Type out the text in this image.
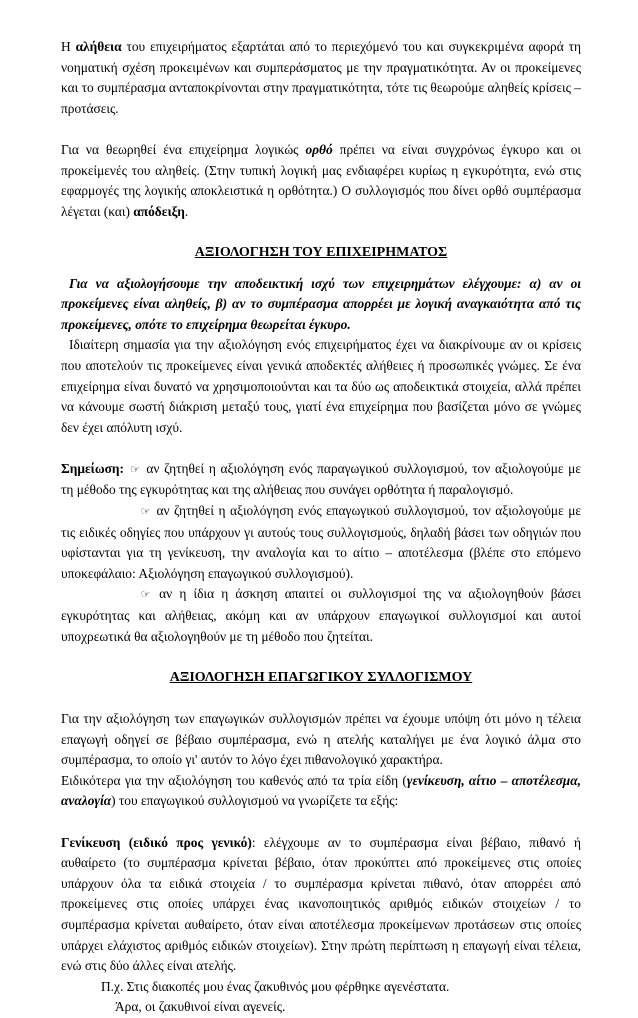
Η αλήθεια του επιχειρήματος εξαρτάται από το περιεχόμενό του και συγκεκριμένα αφορά τη νοηματική σχέση προκειμένων και συμπεράσματος με την πραγματικότητα. Αν οι προκείμενες και το συμπέρασμα ανταποκρίνονται στην πραγματικότητα, τότε τις θεωρούμε αληθείς κρίσεις – προτάσεις.

Για να θεωρηθεί ένα επιχείρημα λογικώς ορθό πρέπει να είναι συγχρόνως έγκυρο και οι προκείμενές του αληθείς. (Στην τυπική λογική μας ενδιαφέρει κυρίως η εγκυρότητα, ενώ στις εφαρμογές της λογικής αποκλειστικά η ορθότητα.) Ο συλλογισμός που δίνει ορθό συμπέρασμα λέγεται (και) απόδειξη.

ΑΞΙΟΛΟΓΗΣΗ ΤΟΥ ΕΠΙΧΕΙΡΗΜΑΤΟΣ

Για να αξιολογήσουμε την αποδεικτική ισχύ των επιχειρημάτων ελέγχουμε: α) αν οι προκείμενες είναι αληθείς, β) αν το συμπέρασμα απορρέει με λογική αναγκαιότητα από τις προκείμενες, οπότε το επιχείρημα θεωρείται έγκυρο.

Ιδιαίτερη σημασία για την αξιολόγηση ενός επιχειρήματος έχει να διακρίνουμε αν οι κρίσεις που αποτελούν τις προκείμενες είναι γενικά αποδεκτές αλήθειες ή προσωπικές γνώμες. Σε ένα επιχείρημα είναι δυνατό να χρησιμοποιούνται και τα δύο ως αποδεικτικά στοιχεία, αλλά πρέπει να κάνουμε σωστή διάκριση μεταξύ τους, γιατί ένα επιχείρημα που βασίζεται μόνο σε γνώμες δεν έχει απόλυτη ισχύ.

Σημείωση: ☞ αν ζητηθεί η αξιολόγηση ενός παραγωγικού συλλογισμού, τον αξιολογούμε με τη μέθοδο της εγκυρότητας και της αλήθειας που συνάγει ορθότητα ή παραλογισμό.

☞ αν ζητηθεί η αξιολόγηση ενός επαγωγικού συλλογισμού, τον αξιολογούμε με τις ειδικές οδηγίες που υπάρχουν γι αυτούς τους συλλογισμούς, δηλαδή βάσει των οδηγιών που υφίστανται για τη γενίκευση, την αναλογία και το αίτιο – αποτέλεσμα (βλέπε στο επόμενο υποκεφάλαιο: Αξιολόγηση επαγωγικού συλλογισμού).

☞ αν η ίδια η άσκηση απαιτεί οι συλλογισμοί της να αξιολογηθούν βάσει εγκυρότητας και αλήθειας, ακόμη και αν υπάρχουν επαγωγικοί συλλογισμοί και αυτοί υποχρεωτικά θα αξιολογηθούν με τη μέθοδο που ζητείται.

ΑΞΙΟΛΟΓΗΣΗ ΕΠΑΓΩΓΙΚΟΥ ΣΥΛΛΟΓΙΣΜΟΥ

Για την αξιολόγηση των επαγωγικών συλλογισμών πρέπει να έχουμε υπόψη ότι μόνο η τέλεια επαγωγή οδηγεί σε βέβαιο συμπέρασμα, ενώ η ατελής καταλήγει με ένα λογικό άλμα στο συμπέρασμα, το οποίο γι' αυτόν το λόγο έχει πιθανολογικό χαρακτήρα.

Ειδικότερα για την αξιολόγηση του καθενός από τα τρία είδη (γενίκευση, αίτιο – αποτέλεσμα, αναλογία) του επαγωγικού συλλογισμού να γνωρίζετε τα εξής:

Γενίκευση (ειδικό προς γενικό): ελέγχουμε αν το συμπέρασμα είναι βέβαιο, πιθανό ή αυθαίρετο (το συμπέρασμα κρίνεται βέβαιο, όταν προκύπτει από προκείμενες στις οποίες υπάρχουν όλα τα ειδικά στοιχεία / το συμπέρασμα κρίνεται πιθανό, όταν απορρέει από προκείμενες στις οποίες υπάρχει ένας ικανοποιητικός αριθμός ειδικών στοιχείων / το συμπέρασμα κρίνεται αυθαίρετο, όταν είναι αποτέλεσμα προκείμενων προτάσεων στις οποίες υπάρχει ελάχιστος αριθμός ειδικών στοιχείων). Στην πρώτη περίπτωση η επαγωγή είναι τέλεια, ενώ στις δύο άλλες είναι ατελής.

Π.χ. Στις διακοπές μου ένας ζακυθινός μου φέρθηκε αγενέστατα.

Άρα, οι ζακυθινοί είναι αγενείς.
